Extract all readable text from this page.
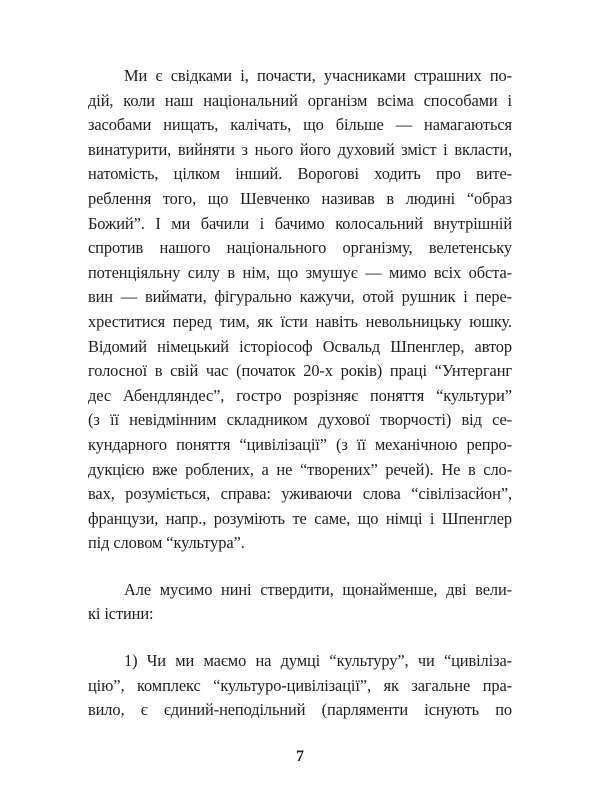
Ми є свідками і, почасти, учасниками страшних по-
дій, коли наш національний організм всіма способами і
засобами нищать, калічать, що більше — намагаються
винатурити, вийняти з нього його духовий зміст і вкласти,
натомість, цілком інший. Ворогові ходить про вите-
реблення того, що Шевченко називав в людині “образ
Божий”. І ми бачили і бачимо колосальний внутрішній
спротив нашого національного організму, велетенську
потенціяльну силу в нім, що змушує — мимо всіх обста-
вин — виймати, фігурально кажучи, отой рушник і пере-
хреститися перед тим, як їсти навіть невольницьку юшку.
Відомий німецький історіософ Освальд Шпенглер, автор
голосної в свій час (початок 20-х років) праці “Унтерганг
дес Абендляндес”, гостро розрізняє поняття “культури”
(з її невідмінним складником духової творчості) від се-
кундарного поняття “цивілізації” (з її механічною репро-
дукцією вже роблених, а не “творених” речей). Не в сло-
вах, розуміється, справа: уживаючи слова “сівілізасйон”,
французи, напр., розуміють те саме, що німці і Шпенглер
під словом “культура”.

Але мусимо нині ствердити, щонайменше, дві вели-
кі істини:

1) Чи ми маємо на думці “культуру”, чи “цивіліза-
цію”, комплекс “культуро-цивілізації”, як загальне пра-
вило, є єдиний-неподільний (парляменти існують по

7
